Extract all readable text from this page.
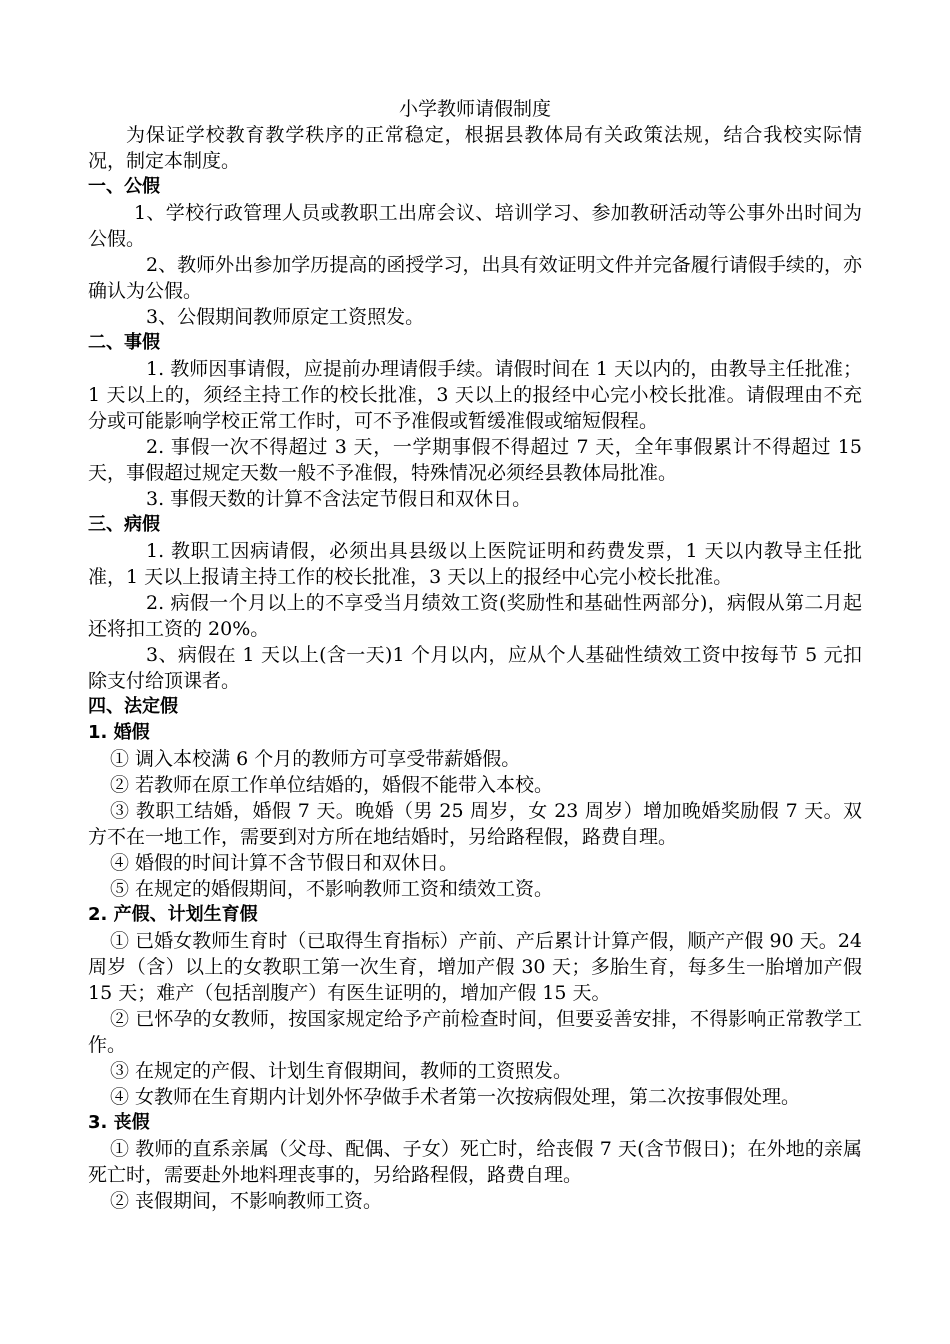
小学教师请假制度

为保证学校教育教学秩序的正常稳定，根据县教体局有关政策法规，结合我校实际情况，制定本制度。

一、公假

1、学校行政管理人员或教职工出席会议、培训学习、参加教研活动等公事外出时间为公假。

2、教师外出参加学历提高的函授学习，出具有效证明文件并完备履行请假手续的，亦确认为公假。

3、公假期间教师原定工资照发。

二、事假

1. 教师因事请假，应提前办理请假手续。请假时间在 1 天以内的，由教导主任批准；1 天以上的，须经主持工作的校长批准，3 天以上的报经中心完小校长批准。请假理由不充分或可能影响学校正常工作时，可不予准假或暂缓准假或缩短假程。

2. 事假一次不得超过 3 天，一学期事假不得超过 7 天，全年事假累计不得超过 15 天，事假超过规定天数一般不予准假，特殊情况必须经县教体局批准。

3. 事假天数的计算不含法定节假日和双休日。

三、病假

1. 教职工因病请假，必须出具县级以上医院证明和药费发票，1 天以内教导主任批准，1 天以上报请主持工作的校长批准，3 天以上的报经中心完小校长批准。

2. 病假一个月以上的不享受当月绩效工资(奖励性和基础性两部分)，病假从第二月起还将扣工资的 20%。

3、病假在 1 天以上(含一天)1 个月以内，应从个人基础性绩效工资中按每节 5 元扣除支付给顶课者。

四、法定假

1. 婚假

① 调入本校满 6 个月的教师方可享受带薪婚假。

② 若教师在原工作单位结婚的，婚假不能带入本校。

③ 教职工结婚，婚假 7 天。晚婚（男 25 周岁，女 23 周岁）增加晚婚奖励假 7 天。双方不在一地工作，需要到对方所在地结婚时，另给路程假，路费自理。

④ 婚假的时间计算不含节假日和双休日。

⑤ 在规定的婚假期间，不影响教师工资和绩效工资。

2. 产假、计划生育假

① 已婚女教师生育时（已取得生育指标）产前、产后累计计算产假，顺产产假 90 天。24 周岁（含）以上的女教职工第一次生育，增加产假 30 天；多胎生育，每多生一胎增加产假 15 天；难产（包括剖腹产）有医生证明的，增加产假 15 天。

② 已怀孕的女教师，按国家规定给予产前检查时间，但要妥善安排，不得影响正常教学工作。

③ 在规定的产假、计划生育假期间，教师的工资照发。

④ 女教师在生育期内计划外怀孕做手术者第一次按病假处理，第二次按事假处理。

3. 丧假

① 教师的直系亲属（父母、配偶、子女）死亡时，给丧假 7 天(含节假日)；在外地的亲属死亡时，需要赴外地料理丧事的，另给路程假，路费自理。

② 丧假期间，不影响教师工资。
